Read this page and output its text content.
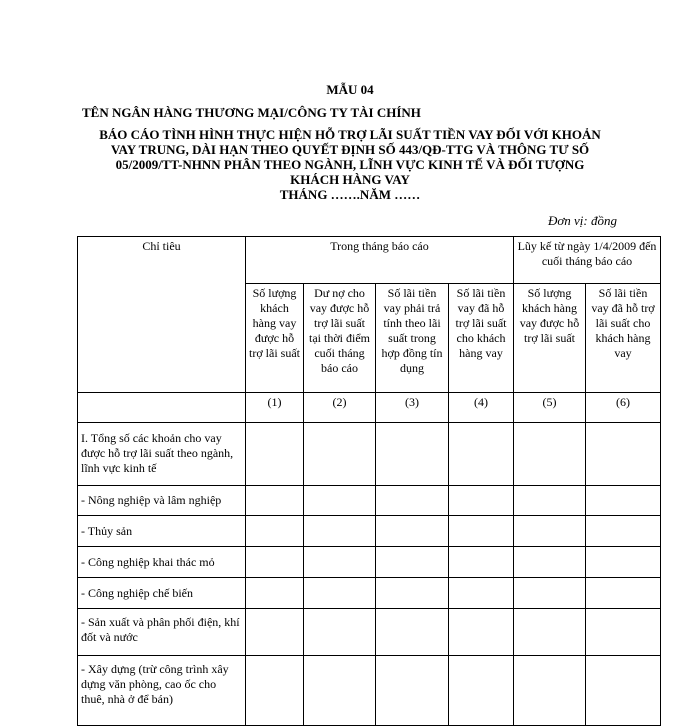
MẪU 04
TÊN NGÂN HÀNG THƯƠNG MẠI/CÔNG TY TÀI CHÍNH
BÁO CÁO TÌNH HÌNH THỰC HIỆN HỖ TRỢ LÃI SUẤT TIỀN VAY ĐỐI VỚI KHOẢN
VAY TRUNG, DÀI HẠN THEO QUYẾT ĐỊNH SỐ 443/QĐ-TTG VÀ THÔNG TƯ SỐ
05/2009/TT-NHNN PHÂN THEO NGÀNH, LĨNH VỰC KINH TẾ VÀ ĐỐI TƯỢNG
KHÁCH HÀNG VAY
THÁNG …….NĂM ……
Đơn vị: đồng
Chỉ tiêu	Trong tháng báo cáo				Lũy kế từ ngày 1/4/2009 đến cuối tháng báo cáo	
	Số lượng khách hàng vay được hỗ trợ lãi suất	Dư nợ cho vay được hỗ trợ lãi suất tại thời điểm cuối tháng báo cáo	Số lãi tiền vay phải trả tính theo lãi suất trong hợp đồng tín dụng	Số lãi tiền vay đã hỗ trợ lãi suất cho khách hàng vay	Số lượng khách hàng vay được hỗ trợ lãi suất	Số lãi tiền vay đã hỗ trợ lãi suất cho khách hàng vay
	(1)	(2)	(3)	(4)	(5)	(6)
I. Tổng số các khoản cho vay được hỗ trợ lãi suất theo ngành, lĩnh vực kinh tế						
- Nông nghiệp và lâm nghiệp						
- Thủy sản						
- Công nghiệp khai thác mỏ						
- Công nghiệp chế biến						
- Sản xuất và phân phối điện, khí đốt và nước						
- Xây dựng (trừ công trình xây dựng văn phòng, cao ốc cho thuê, nhà ở để bán)						
